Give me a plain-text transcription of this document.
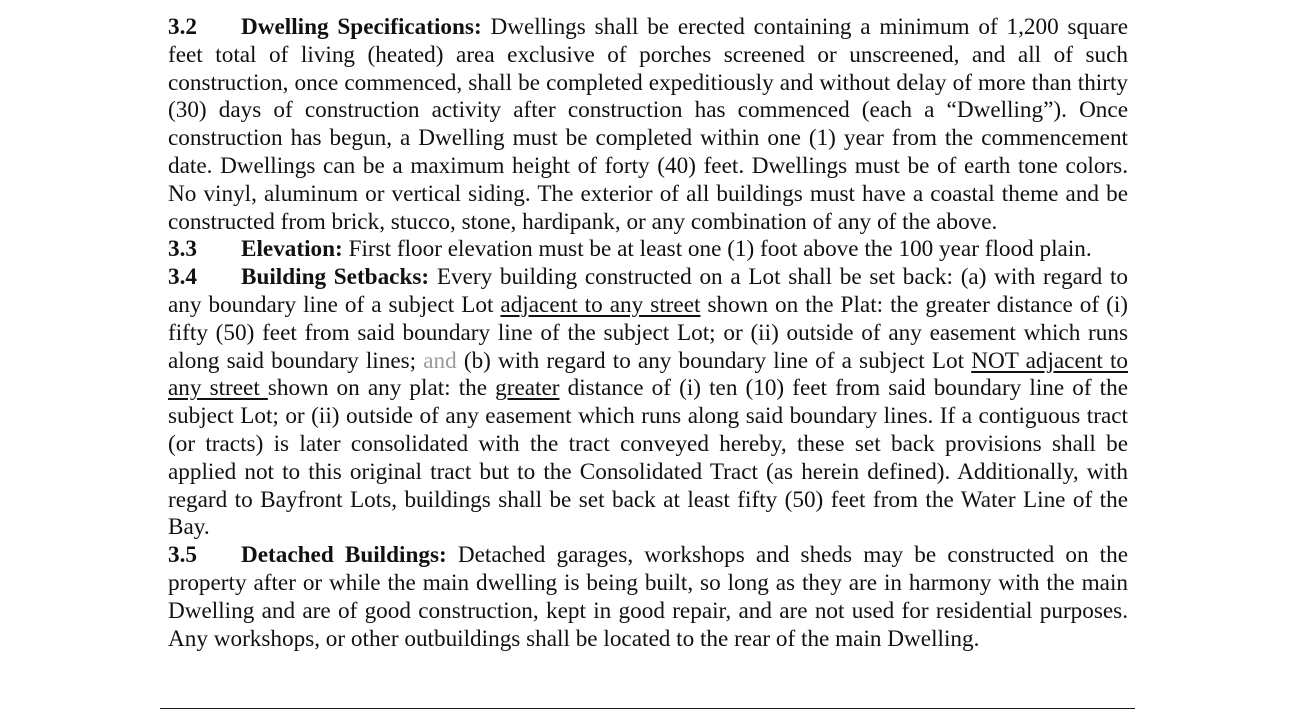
3.2 Dwelling Specifications: Dwellings shall be erected containing a minimum of 1,200 square feet total of living (heated) area exclusive of porches screened or unscreened, and all of such construction, once commenced, shall be completed expeditiously and without delay of more than thirty (30) days of construction activity after construction has commenced (each a “Dwelling”). Once construction has begun, a Dwelling must be completed within one (1) year from the commencement date. Dwellings can be a maximum height of forty (40) feet. Dwellings must be of earth tone colors. No vinyl, aluminum or vertical siding. The exterior of all buildings must have a coastal theme and be constructed from brick, stucco, stone, hardipank, or any combination of any of the above.

3.3 Elevation: First floor elevation must be at least one (1) foot above the 100 year flood plain.

3.4 Building Setbacks: Every building constructed on a Lot shall be set back: (a) with regard to any boundary line of a subject Lot adjacent to any street shown on the Plat: the greater distance of (i) fifty (50) feet from said boundary line of the subject Lot; or (ii) outside of any easement which runs along said boundary lines; and (b) with regard to any boundary line of a subject Lot NOT adjacent to any street shown on any plat: the greater distance of (i) ten (10) feet from said boundary line of the subject Lot; or (ii) outside of any easement which runs along said boundary lines. If a contiguous tract (or tracts) is later consolidated with the tract conveyed hereby, these set back provisions shall be applied not to this original tract but to the Consolidated Tract (as herein defined). Additionally, with regard to Bayfront Lots, buildings shall be set back at least fifty (50) feet from the Water Line of the Bay.

3.5 Detached Buildings: Detached garages, workshops and sheds may be constructed on the property after or while the main dwelling is being built, so long as they are in harmony with the main Dwelling and are of good construction, kept in good repair, and are not used for residential purposes. Any workshops, or other outbuildings shall be located to the rear of the main Dwelling.
